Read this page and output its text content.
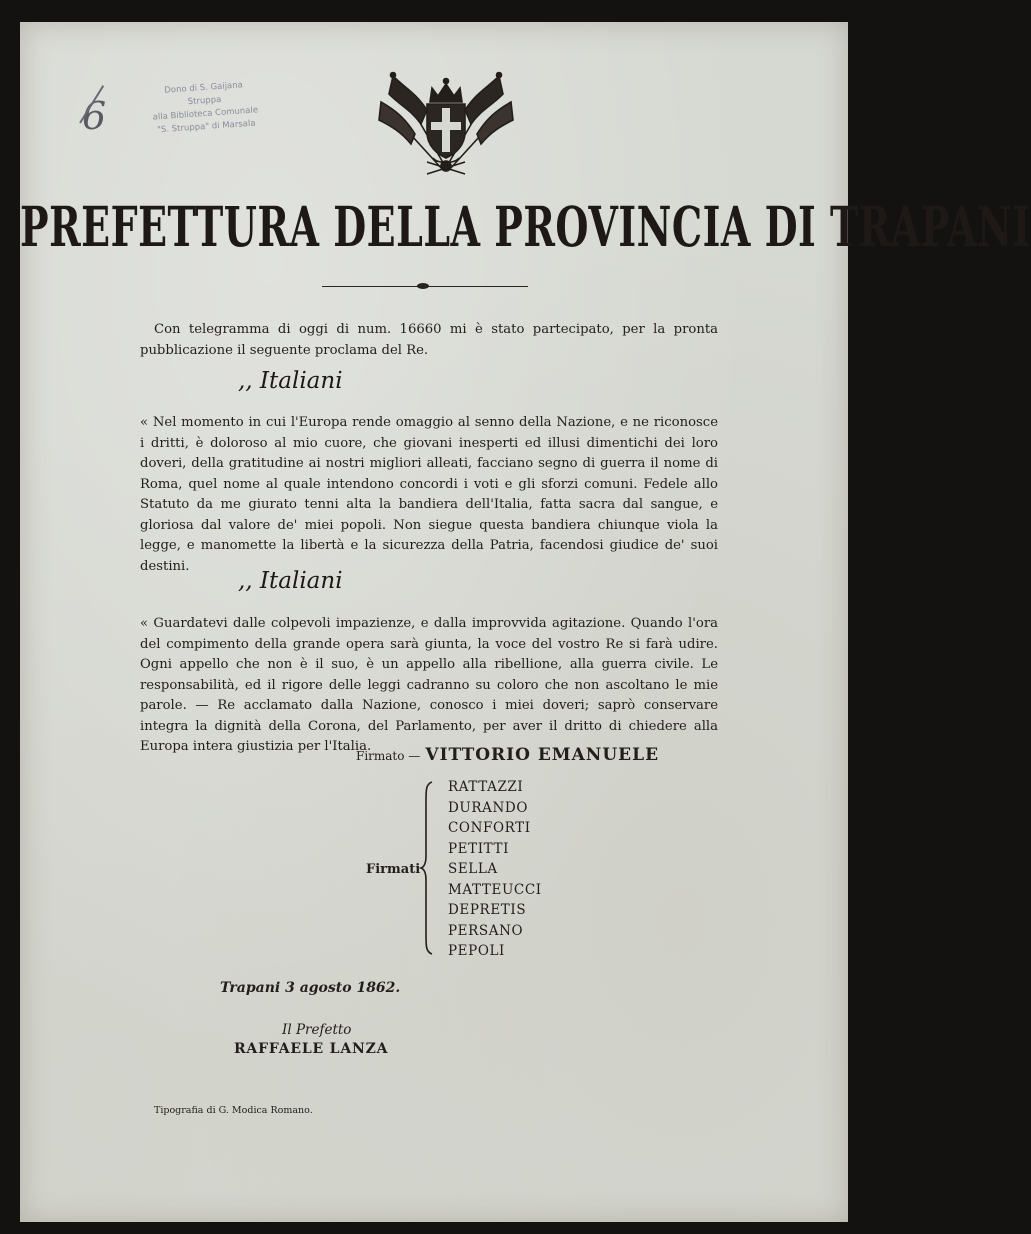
6
Dono di S. Gaijana Struppa
alla Biblioteca Comunale
"S. Struppa" di Marsala
PREFETTURA DELLA PROVINCIA DI TRAPANI
Con telegramma di oggi di num. 16660 mi è stato partecipato, per la pronta pubblicazione il seguente proclama del Re.
,, Italiani
« Nel momento in cui l'Europa rende omaggio al senno della Nazione, e ne riconosce i dritti, è doloroso al mio cuore, che giovani inesperti ed illusi dimentichi dei loro doveri, della gratitudine ai nostri migliori alleati, facciano segno di guerra il nome di Roma, quel nome al quale intendono concordi i voti e gli sforzi comuni. Fedele allo Statuto da me giurato tenni alta la bandiera dell'Italia, fatta sacra dal sangue, e gloriosa dal valore de' miei popoli. Non siegue questa bandiera chiunque viola la legge, e manomette la libertà e la sicurezza della Patria, facendosi giudice de' suoi destini.
,, Italiani
« Guardatevi dalle colpevoli impazienze, e dalla improvvida agitazione. Quando l'ora del compimento della grande opera sarà giunta, la voce del vostro Re si farà udire. Ogni appello che non è il suo, è un appello alla ribellione, alla guerra civile. Le responsabilità, ed il rigore delle leggi cadranno su coloro che non ascoltano le mie parole. — Re acclamato dalla Nazione, conosco i miei doveri; saprò conservare integra la dignità della Corona, del Parlamento, per aver il dritto di chiedere alla Europa intera giustizia per l'Italia.
Firmato — VITTORIO EMANUELE
Firmati
RATTAZZI
DURANDO
CONFORTI
PETITTI
SELLA
MATTEUCCI
DEPRETIS
PERSANO
PEPOLI
Trapani 3 agosto 1862.
Il Prefetto
RAFFAELE LANZA
Tipografia di G. Modica Romano.
